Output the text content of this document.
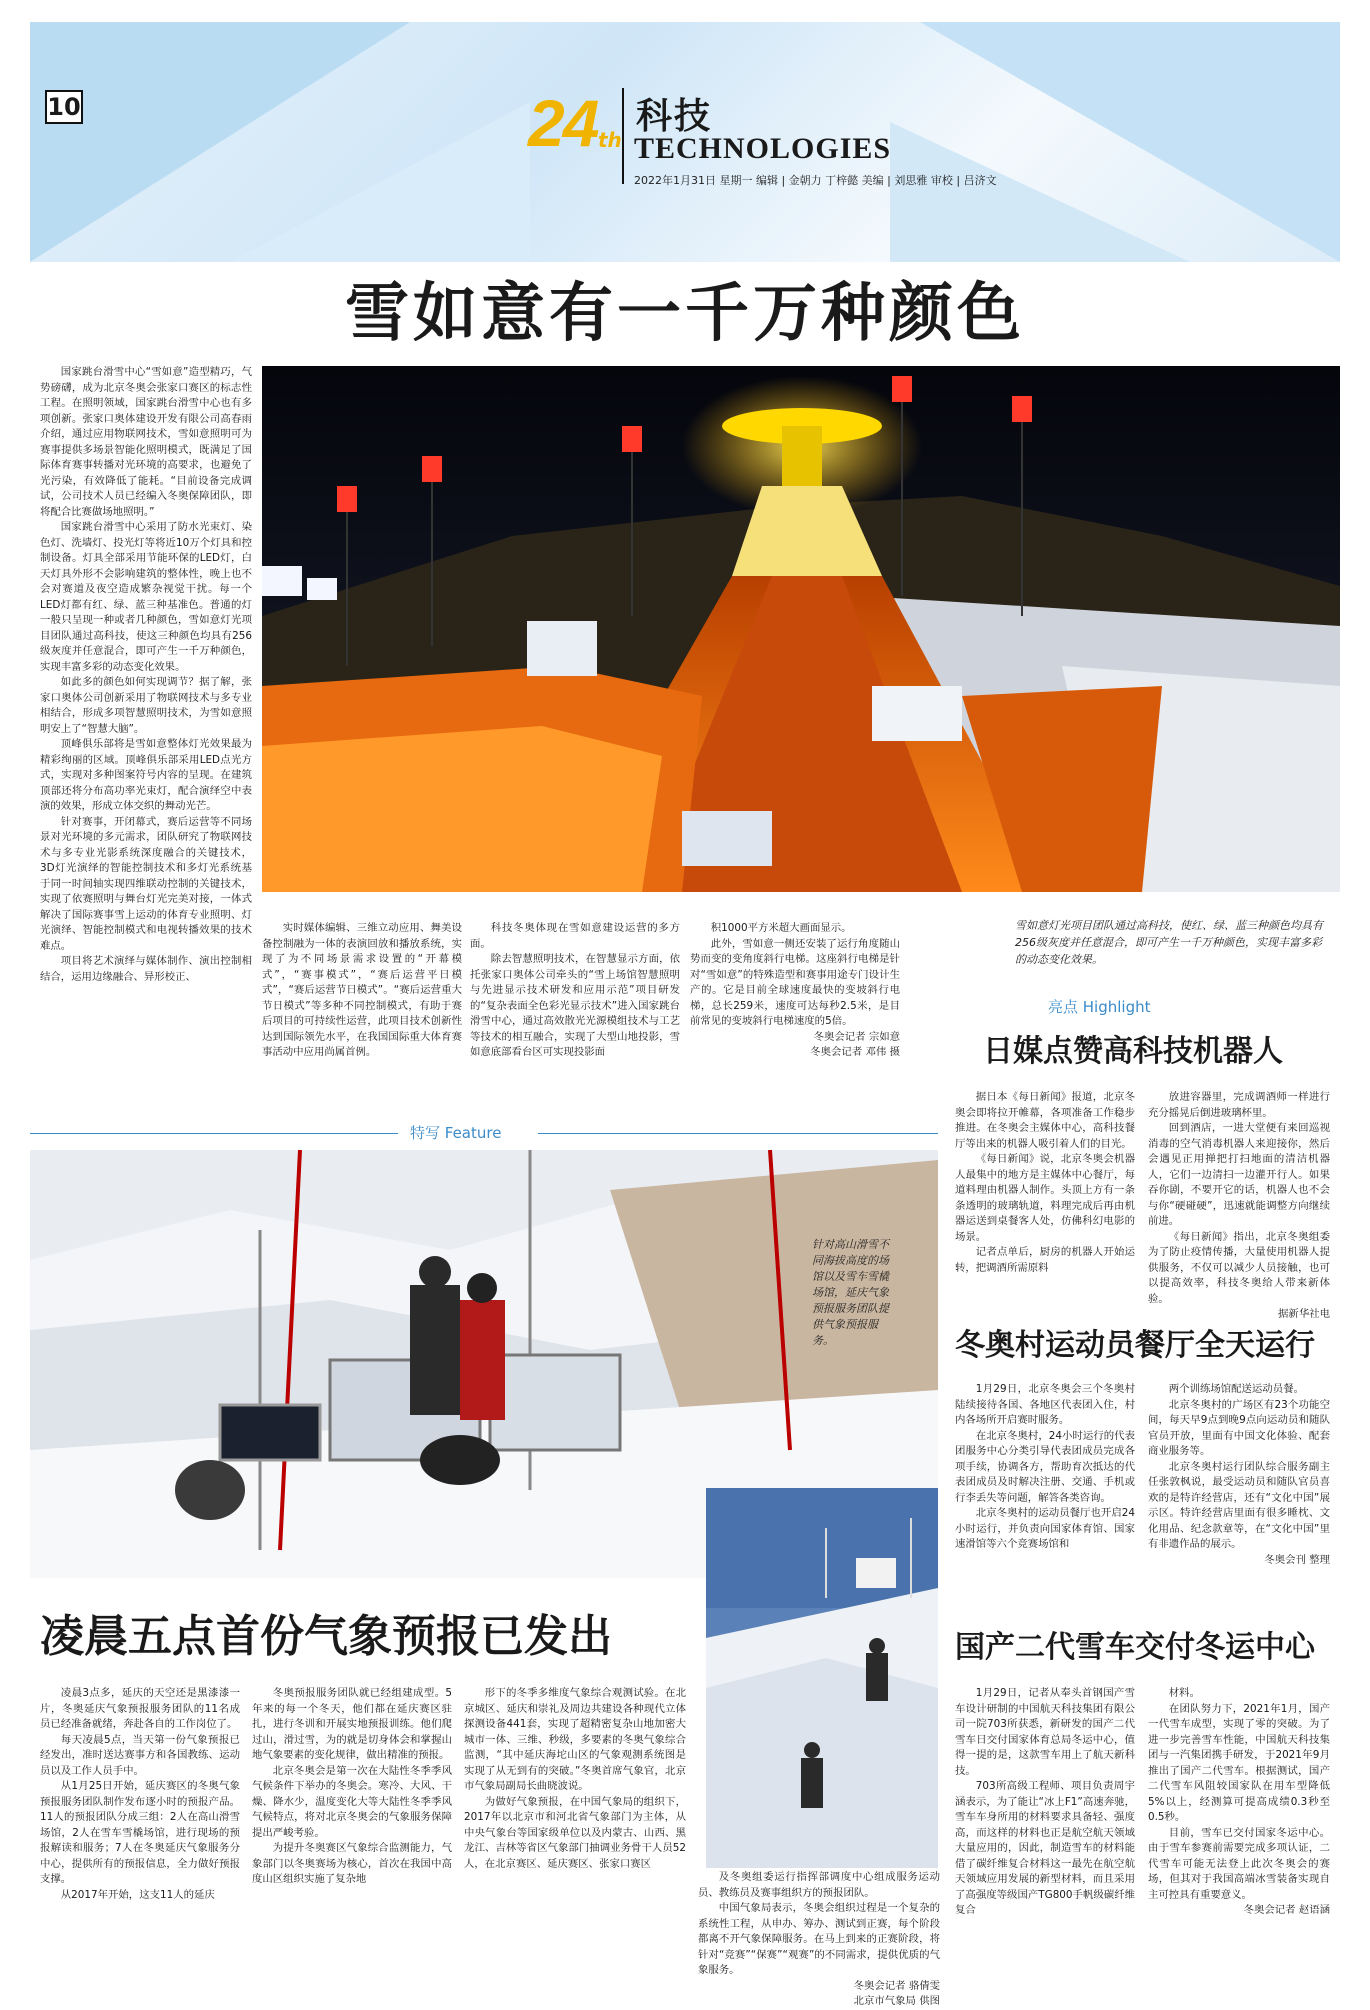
10	24 th
科技
TECHNOLOGIES
2022年1月31日 星期一 编辑 | 金朝力 丁梓懿 美编 | 刘思雅 审校 | 吕济文
雪如意有一千万种颜色

国家跳台滑雪中心“雪如意”造型精巧，气势磅礴，成为北京冬奥会张家口赛区的标志性工程。在照明领域，国家跳台滑雪中心也有多项创新。张家口奥体建设开发有限公司高春雨介绍，通过应用物联网技术，雪如意照明可为赛事提供多场景智能化照明模式，既满足了国际体育赛事转播对光环境的高要求，也避免了光污染，有效降低了能耗。“目前设备完成调试，公司技术人员已经编入冬奥保障团队，即将配合比赛做场地照明。”

国家跳台滑雪中心采用了防水光束灯、染色灯、洗墙灯、投光灯等将近10万个灯具和控制设备。灯具全部采用节能环保的LED灯，白天灯具外形不会影响建筑的整体性，晚上也不会对赛道及夜空造成繁杂视觉干扰。每一个LED灯都有红、绿、蓝三种基准色。普通的灯一般只呈现一种或者几种颜色，雪如意灯光项目团队通过高科技，使这三种颜色均具有256级灰度并任意混合，即可产生一千万种颜色，实现丰富多彩的动态变化效果。

如此多的颜色如何实现调节？据了解，张家口奥体公司创新采用了物联网技术与多专业相结合，形成多项智慧照明技术，为雪如意照明安上了“智慧大脑”。

顶峰俱乐部将是雪如意整体灯光效果最为精彩绚丽的区域。顶峰俱乐部采用LED点光方式，实现对多种图案符号内容的呈现。在建筑顶部还将分布高功率光束灯，配合演绎空中表演的效果，形成立体交织的舞动光芒。

针对赛事，开闭幕式，赛后运营等不同场景对光环境的多元需求，团队研究了物联网技术与多专业光影系统深度融合的关键技术，3D灯光演绎的智能控制技术和多灯光系统基于同一时间轴实现四维联动控制的关键技术，实现了依赛照明与舞台灯光完美对接，一体式解决了国际赛事雪上运动的体育专业照明、灯光演绎、智能控制模式和电视转播效果的技术难点。

项目将艺术演绎与媒体制作、演出控制相结合，运用边缘融合、异形校正、

雪如意灯光项目团队通过高科技，使红、绿、蓝三种颜色均具有256级灰度并任意混合，即可产生一千万种颜色，实现丰富多彩的动态变化效果。

实时媒体编辑、三维立动应用、舞美设备控制融为一体的表演回放和播放系统，实现了为不同场景需求设置的“开幕模式”，“赛事模式”，“赛后运营平日模式”，“赛后运营节日模式”。“赛后运营重大节日模式”等多种不同控制模式，有助于赛后项目的可持续性运营，此项目技术创新性达到国际领先水平，在我国国际重大体育赛事活动中应用尚属首例。

科技冬奥体现在雪如意建设运营的多方面。

除去智慧照明技术，在智慧显示方面，依托张家口奥体公司牵头的“雪上场馆智慧照明与先进显示技术研发和应用示范”项目研发的“复杂表面全色彩光显示技术”进入国家跳台滑雪中心，通过高效散光光源模组技术与工艺等技术的相互融合，实现了大型山地投影，雪如意底部看台区可实现投影面

积1000平方米超大画面显示。

此外，雪如意一侧还安装了运行角度随山势而变的变角度斜行电梯。这座斜行电梯是针对“雪如意”的特殊造型和赛事用途专门设计生产的。它是目前全球速度最快的变坡斜行电梯，总长259米，速度可达每秒2.5米，是目前常见的变坡斜行电梯速度的5倍。

冬奥会记者 宗如意
冬奥会记者 邓伟 摄
亮点 Highlight
日媒点赞高科技机器人

据日本《每日新闻》报道，北京冬奥会即将拉开帷幕，各项准备工作稳步推进。在冬奥会主媒体中心，高科技餐厅等出来的机器人吸引着人们的目光。

《每日新闻》说，北京冬奥会机器人最集中的地方是主媒体中心餐厅，每道料理由机器人制作。头顶上方有一条条透明的玻璃轨道，料理完成后再由机器运送到桌餐客人处，仿佛科幻电影的场景。

记者点单后，厨房的机器人开始运转，把调酒所需原料

放进容器里，完成调酒师一样进行充分摇晃后倒进玻璃杯里。

回到酒店，一进大堂便有来回巡视消毒的空气消毒机器人来迎接你，然后会遇见正用掸把打扫地面的清洁机器人，它们一边清扫一边灌开行人。如果吞你剧，不要开它的话，机器人也不会与你“硬碰硬”，迅速就能调整方向继续前进。

《每日新闻》指出，北京冬奥组委为了防止疫情传播，大量使用机器人提供服务，不仅可以减少人员接触，也可以提高效率，科技冬奥给人带来新体验。

据新华社电
特写 Feature
针对高山滑雪不同海拔高度的场馆以及雪车雪橇场馆，延庆气象预报服务团队提供气象预报服务。
凌晨五点首份气象预报已发出

凌晨3点多，延庆的天空还是黑漆漆一片，冬奥延庆气象预报服务团队的11名成员已经准备就绪，奔赴各自的工作岗位了。

每天凌晨5点，当天第一份气象预报已经发出，准时送达赛事方和各国教练、运动员以及工作人员手中。

从1月25日开始，延庆赛区的冬奥气象预报服务团队制作发布逐小时的预报产品。11人的预报团队分成三组：2人在高山滑雪场馆，2人在雪车雪橇场馆，进行现场的预报解读和服务；7人在冬奥延庆气象服务分中心，提供所有的预报信息，全力做好预报支撑。

从2017年开始，这支11人的延庆

冬奥预报服务团队就已经组建成型。5年来的每一个冬天，他们都在延庆赛区驻扎，进行冬训和开展实地预报训练。他们爬过山，滑过雪，为的就是切身体会和掌握山地气象要素的变化规律，做出精准的预报。

北京冬奥会是第一次在大陆性冬季季风气候条件下举办的冬奥会。寒冷、大风、干燥、降水少，温度变化大等大陆性冬季季风气候特点，将对北京冬奥会的气象服务保障提出严峻考验。

为提升冬奥赛区气象综合监测能力，气象部门以冬奥赛场为核心，首次在我国中高度山区组织实施了复杂地

形下的冬季多维度气象综合观测试验。在北京城区、延庆和崇礼及周边共建设各种现代立体探测设备441套，实现了超精密复杂山地加密大城市一体、三维、秒级，多要素的冬奥气象综合监测，“其中延庆海坨山区的气象观测系统图是实现了从无到有的突破。”冬奥首席气象官，北京市气象局副局长曲晓波说。

为做好气象预报，在中国气象局的组织下，2017年以北京市和河北省气象部门为主体，从中央气象台等国家级单位以及内蒙古、山西、黑龙江、吉林等省区气象部门抽调业务骨干人员52人，在北京赛区、延庆赛区、张家口赛区

冬奥村运动员餐厅全天运行

1月29日，北京冬奥会三个冬奥村陆续接待各国、各地区代表团入住，村内各场所开启赛时服务。

在北京冬奥村，24小时运行的代表团服务中心分类引导代表团成员完成各项手续，协调各方，帮助育次抵达的代表团成员及时解决注册、交通、手机或行李丢失等问题，解答各类咨询。

北京冬奥村的运动员餐厅也开启24小时运行，并负责向国家体育馆、国家速滑馆等六个竞赛场馆和

两个训练场馆配送运动员餐。

北京冬奥村的广场区有23个功能空间，每天早9点到晚9点向运动员和随队官员开放，里面有中国文化体验、配套商业服务等。

北京冬奥村运行团队综合服务副主任张敦枫说，最受运动员和随队官员喜欢的是特许经营店，还有“文化中国”展示区。特许经营店里面有很多睡枕、文化用品、纪念款章等，在“文化中国”里有非遗作品的展示。

冬奥会刊 整理
国产二代雪车交付冬运中心

1月29日，记者从奉头首钢国产雪车设计研制的中国航天科技集团有限公司一院703所获悉，新研发的国产二代雪车日交付国家体育总局冬运中心，值得一提的是，这款雪车用上了航天新科技。

703所高级工程师、项目负责周宇涵表示，为了能让“冰上F1”高速奔驰，雪车车身所用的材料要求具备轻、强度高，而这样的材料也正是航空航天领域大量应用的，因此，制造雪车的材料能借了碳纤维复合材料这一最先在航空航天领域应用发展的新型材料，而且采用了高强度等级国产TG800手帆级碳纤维复合

材料。

在团队努力下，2021年1月，国产一代雪车成型，实现了零的突破。为了进一步完善雪车性能，中国航天科技集团与一汽集团携手研发，于2021年9月推出了国产二代雪车。根据测试，国产二代雪车风阻较国家队在用车型降低5%以上，经测算可提高成绩0.3秒至0.5秒。

目前，雪车已交付国家冬运中心。由于雪车参赛前需要完成多项认证，二代雪车可能无法登上此次冬奥会的赛场，但其对于我国高端冰雪装备实现自主可控具有重要意义。

冬奥会记者 赵语涵

及冬奥组委运行指挥部调度中心组成服务运动员、教练员及赛事组织方的预报团队。

中国气象局表示，冬奥会组织过程是一个复杂的系统性工程，从申办、筹办、测试到正赛，每个阶段都离不开气象保障服务。在马上到来的正赛阶段，将针对“竞赛”“保赛”“观赛”的不同需求，提供优质的气象服务。

冬奥会记者 骆倩雯
北京市气象局 供图
